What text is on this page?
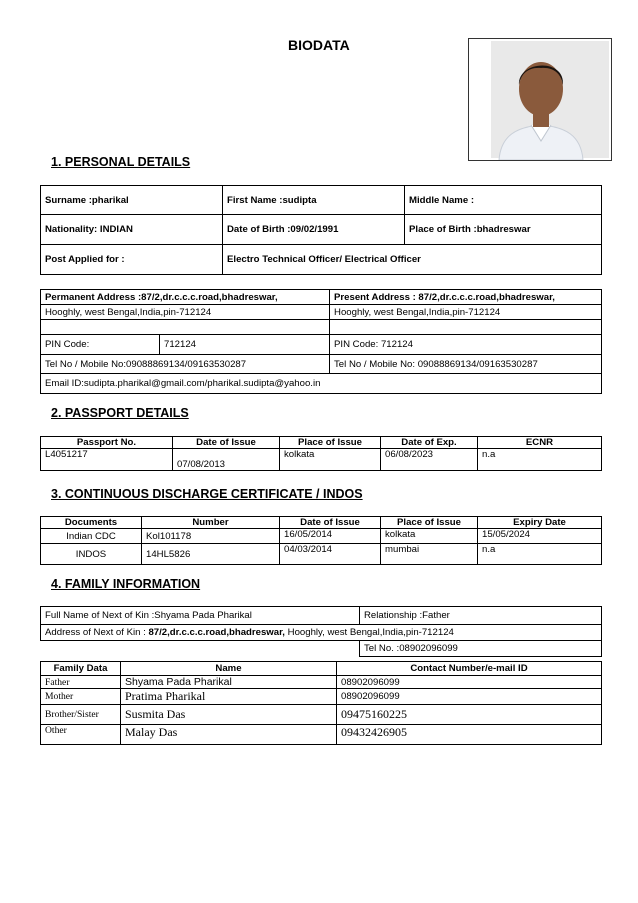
BIODATA
1. PERSONAL DETAILS
Surname :pharikal	First Name :sudipta	Middle Name :
Nationality: INDIAN	Date of Birth :09/02/1991	Place of Birth :bhadreswar
Post Applied for :	Electro Technical Officer/ Electrical Officer	
Permanent Address :87/2,dr.c.c.c.road,bhadreswar,		Present Address : 87/2,dr.c.c.c.road,bhadreswar,
Hooghly, west Bengal,India,pin-712124		Hooghly, west Bengal,India,pin-712124

PIN Code:	712124	PIN Code: 712124
Tel No / Mobile No:09088869134/09163530287		Tel No / Mobile No: 09088869134/09163530287
Email ID:sudipta.pharikal@gmail.com/pharikal.sudipta@yahoo.in		
2. PASSPORT DETAILS
Passport No.	Date of Issue	Place of Issue	Date of Exp.	ECNR
L4051217	07/08/2013	kolkata	06/08/2023	n.a
3. CONTINUOUS DISCHARGE CERTIFICATE / INDOS
Documents	Number	Date of Issue	Place of Issue	Expiry Date
Indian CDC	Kol101178	16/05/2014	kolkata	15/05/2024
INDOS	14HL5826	04/03/2014	mumbai	n.a
4. FAMILY INFORMATION
Full Name of Next of Kin :Shyama Pada Pharikal	Relationship :Father
Address of Next of Kin : 87/2,dr.c.c.c.road,bhadreswar, Hooghly, west Bengal,India,pin-712124	
	Tel No. :08902096099
Family Data	Name	Contact Number/e-mail ID
Father	Shyama Pada Pharikal	08902096099
Mother	Pratima Pharikal	08902096099
Brother/Sister	Susmita Das	09475160225
Other	Malay Das	09432426905
